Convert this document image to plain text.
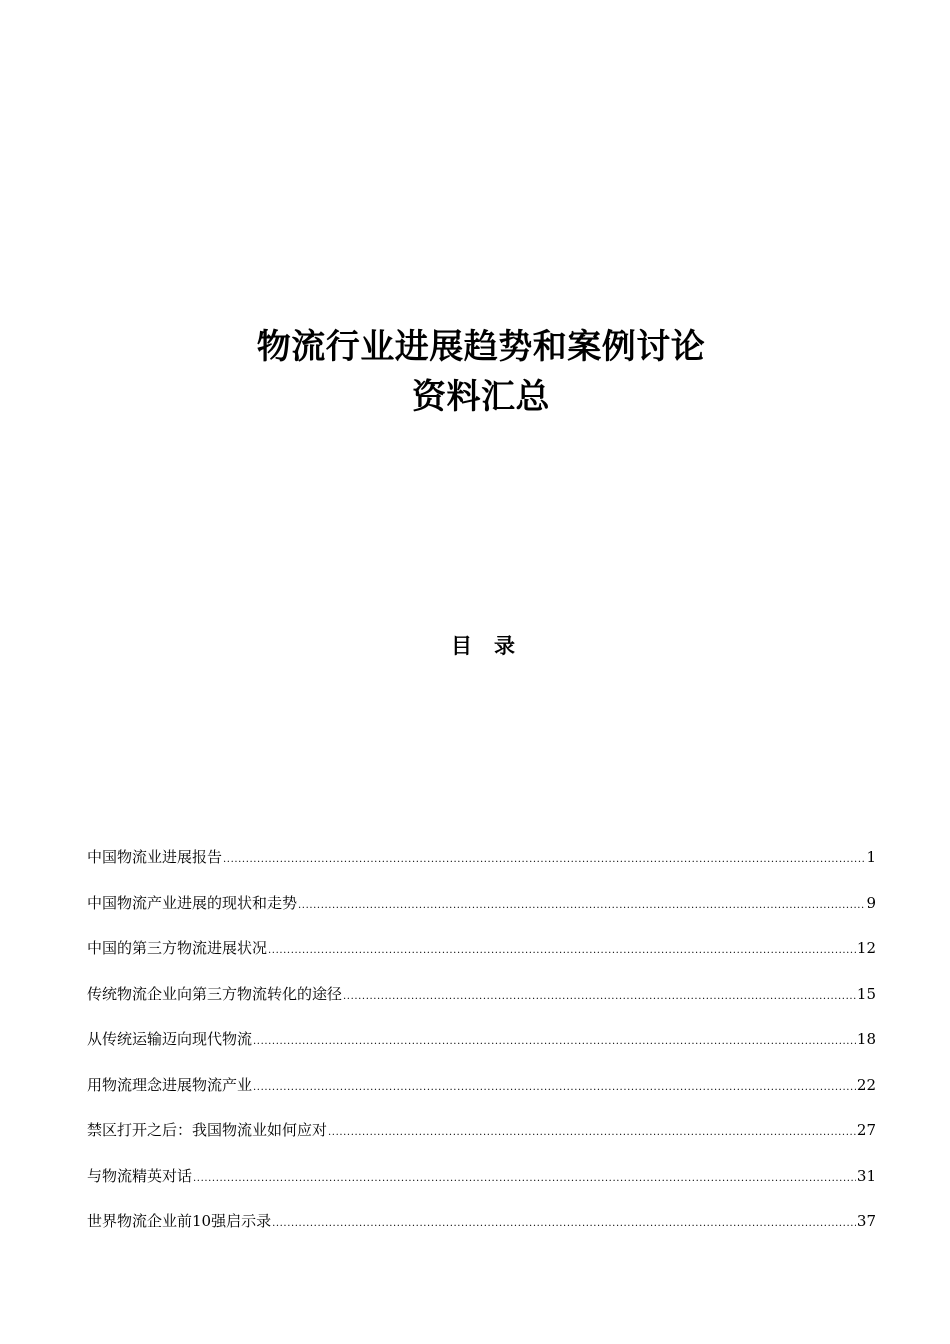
物流行业进展趋势和案例讨论
资料汇总
目 录
中国物流业进展报告 .....	1
中国物流产业进展的现状和走势 .....	9
中国的第三方物流进展状况 .....	12
传统物流企业向第三方物流转化的途径 .....	15
从传统运输迈向现代物流 .....	18
用物流理念进展物流产业 .....	22
禁区打开之后：我国物流业如何应对 .....	27
与物流精英对话 .....	31
世界物流企业前10强启示录 .....	37
